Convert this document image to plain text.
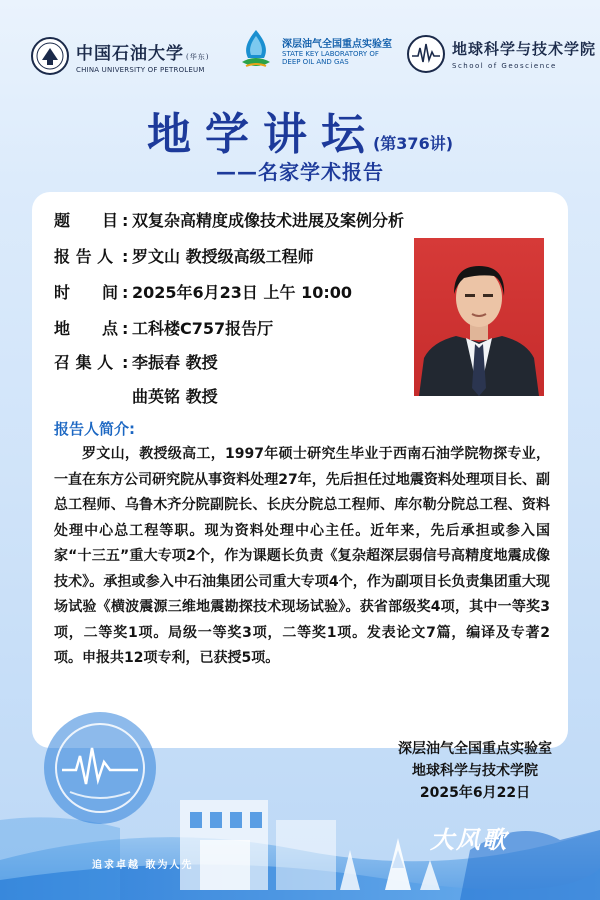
中国石油大学 (华东)
CHINA UNIVERSITY OF PETROLEUM
深层油气全国重点实验室
STATE KEY LABORATORY OF
DEEP OIL AND GAS
地球科学与技术学院
School of Geoscience
地学讲坛(第376讲)
——名家学术报告
题　　目 : 双复杂高精度成像技术进展及案例分析
报 告 人 : 罗文山 教授级高级工程师
时　　间 : 2025年6月23日 上午 10:00
地　　点 : 工科楼C757报告厅
召 集 人 : 李振春 教授
曲英铭 教授
报告人简介:
罗文山，教授级高工，1997年硕士研究生毕业于西南石油学院物探专业，一直在东方公司研究院从事资料处理27年，先后担任过地震资料处理项目长、副总工程师、乌鲁木齐分院副院长、长庆分院总工程师、库尔勒分院总工程、资料处理中心总工程等职。现为资料处理中心主任。近年来，先后承担或参入国家“十三五”重大专项2个，作为课题长负责《复杂超深层弱信号高精度地震成像技术》。承担或参入中石油集团公司重大专项4个，作为副项目长负责集团重大现场试验《横波震源三维地震勘探技术现场试验》。获省部级奖4项，其中一等奖3项，二等奖1项。局级一等奖3项，二等奖1项。发表论文7篇，编译及专著2项。申报共12项专利，已获授5项。
追求卓越 敢为人先
大风歌
深层油气全国重点实验室
地球科学与技术学院
2025年6月22日
